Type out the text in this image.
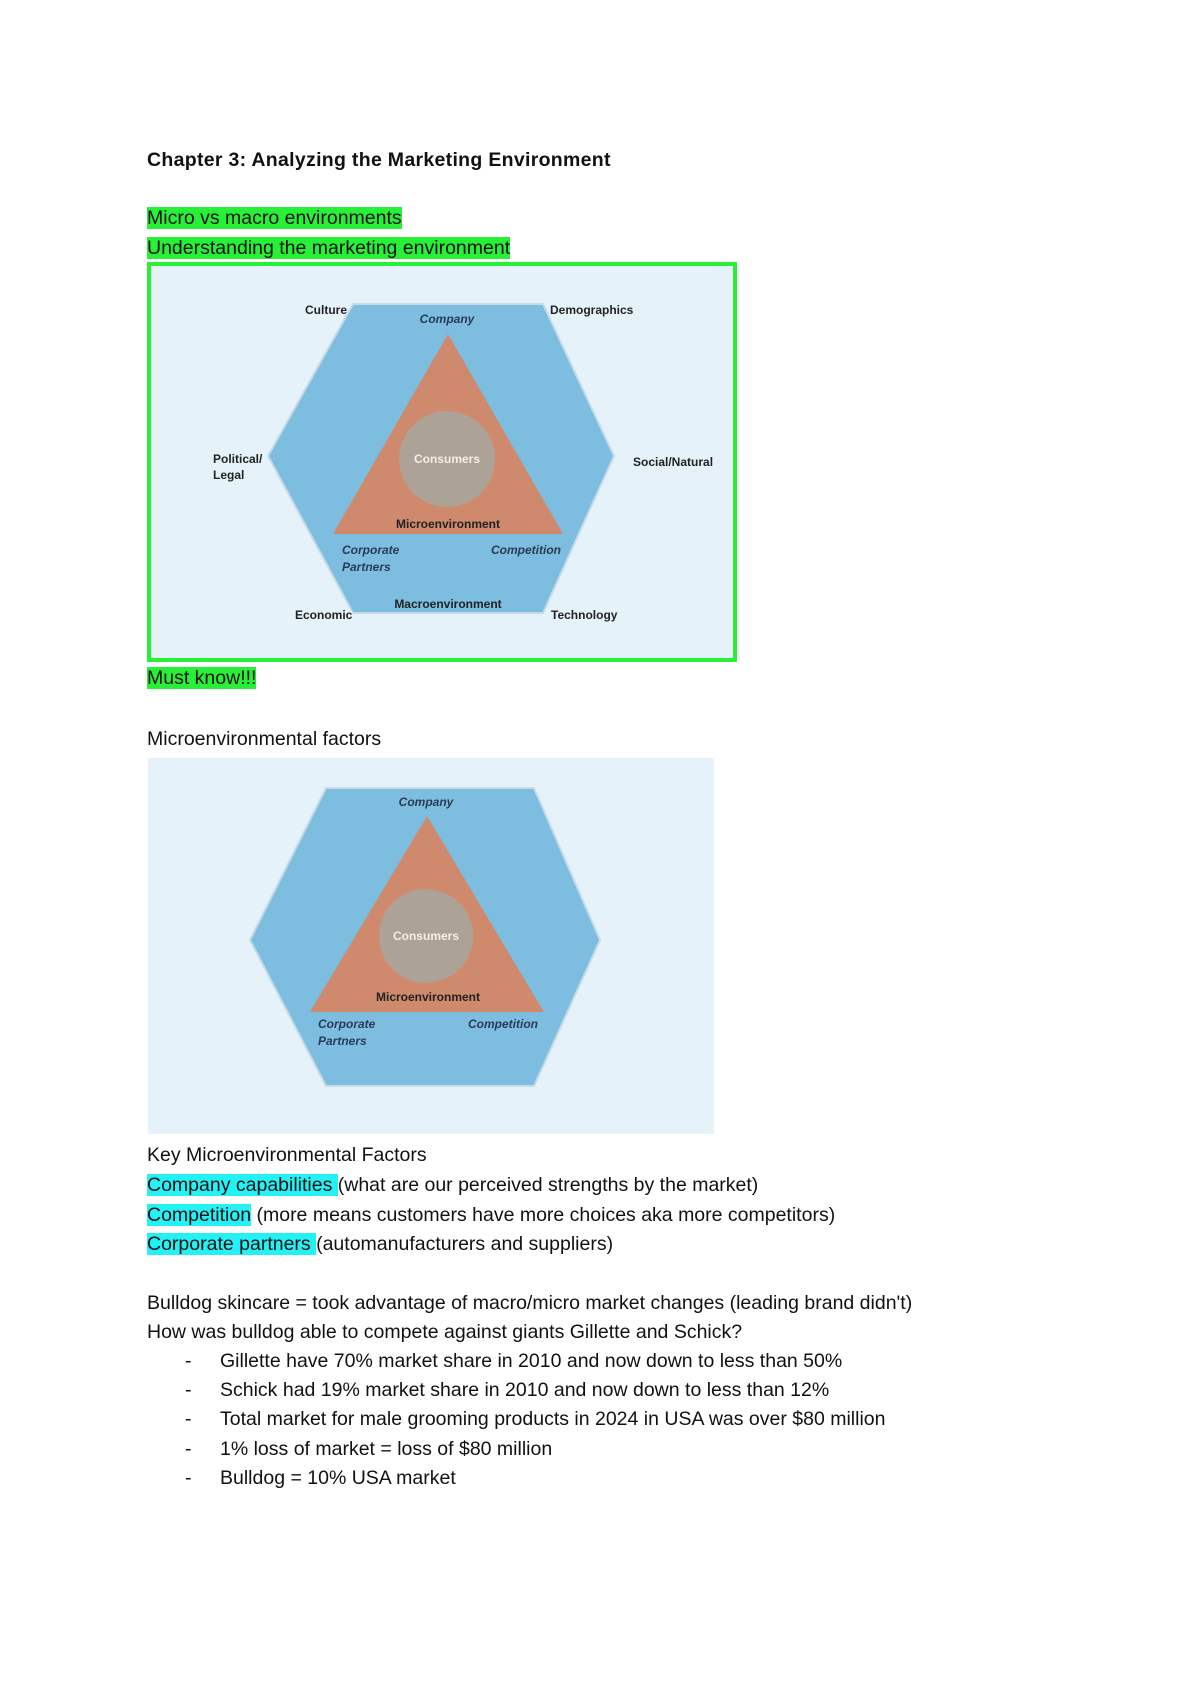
Chapter 3: Analyzing the Marketing Environment
Micro vs macro environments
Understanding the marketing environment
Culture	Demographics
Political/
Legal
Social/Natural
Economic	Technology
Company
Consumers
Microenvironment
Corporate
Partners
Competition
Macroenvironment
Must know!!!
Microenvironmental factors
Company
Consumers
Microenvironment
Corporate
Partners
Competition
Key Microenvironmental Factors
Company capabilities (what are our perceived strengths by the market)
Competition (more means customers have more choices aka more competitors)
Corporate partners (automanufacturers and suppliers)
Bulldog skincare = took advantage of macro/micro market changes (leading brand didn't)
How was bulldog able to compete against giants Gillette and Schick?
- Gillette have 70% market share in 2010 and now down to less than 50%
- Schick had 19% market share in 2010 and now down to less than 12%
- Total market for male grooming products in 2024 in USA was over $80 million
- 1% loss of market = loss of $80 million
- Bulldog = 10% USA market
